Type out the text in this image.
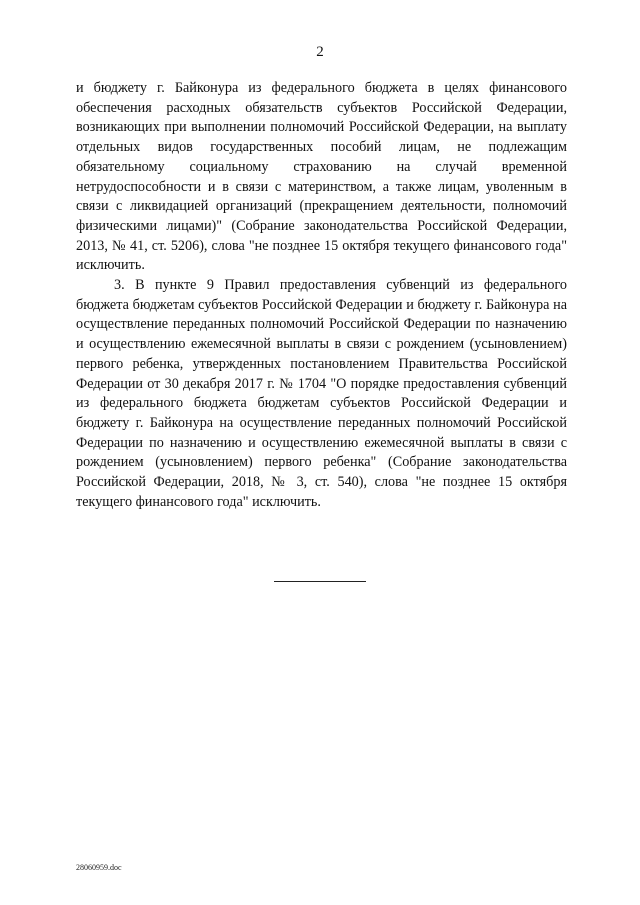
2

и бюджету г. Байконура из федерального бюджета в целях финансового обеспечения расходных обязательств субъектов Российской Федерации, возникающих при выполнении полномочий Российской Федерации, на выплату отдельных видов государственных пособий лицам, не подлежащим обязательному социальному страхованию на случай временной нетрудоспособности и в связи с материнством, а также лицам, уволенным в связи с ликвидацией организаций (прекращением деятельности, полномочий физическими лицами)" (Собрание законодательства Российской Федерации, 2013, № 41, ст. 5206), слова "не позднее 15 октября текущего финансового года" исключить.

3. В пункте 9 Правил предоставления субвенций из федерального бюджета бюджетам субъектов Российской Федерации и бюджету г. Байконура на осуществление переданных полномочий Российской Федерации по назначению и осуществлению ежемесячной выплаты в связи с рождением (усыновлением) первого ребенка, утвержденных постановлением Правительства Российской Федерации от 30 декабря 2017 г. № 1704 "О порядке предоставления субвенций из федерального бюджета бюджетам субъектов Российской Федерации и бюджету г. Байконура на осуществление переданных полномочий Российской Федерации по назначению и осуществлению ежемесячной выплаты в связи с рождением (усыновлением) первого ребенка" (Собрание законодательства Российской Федерации, 2018, № 3, ст. 540), слова "не позднее 15 октября текущего финансового года" исключить.

28060959.doc
